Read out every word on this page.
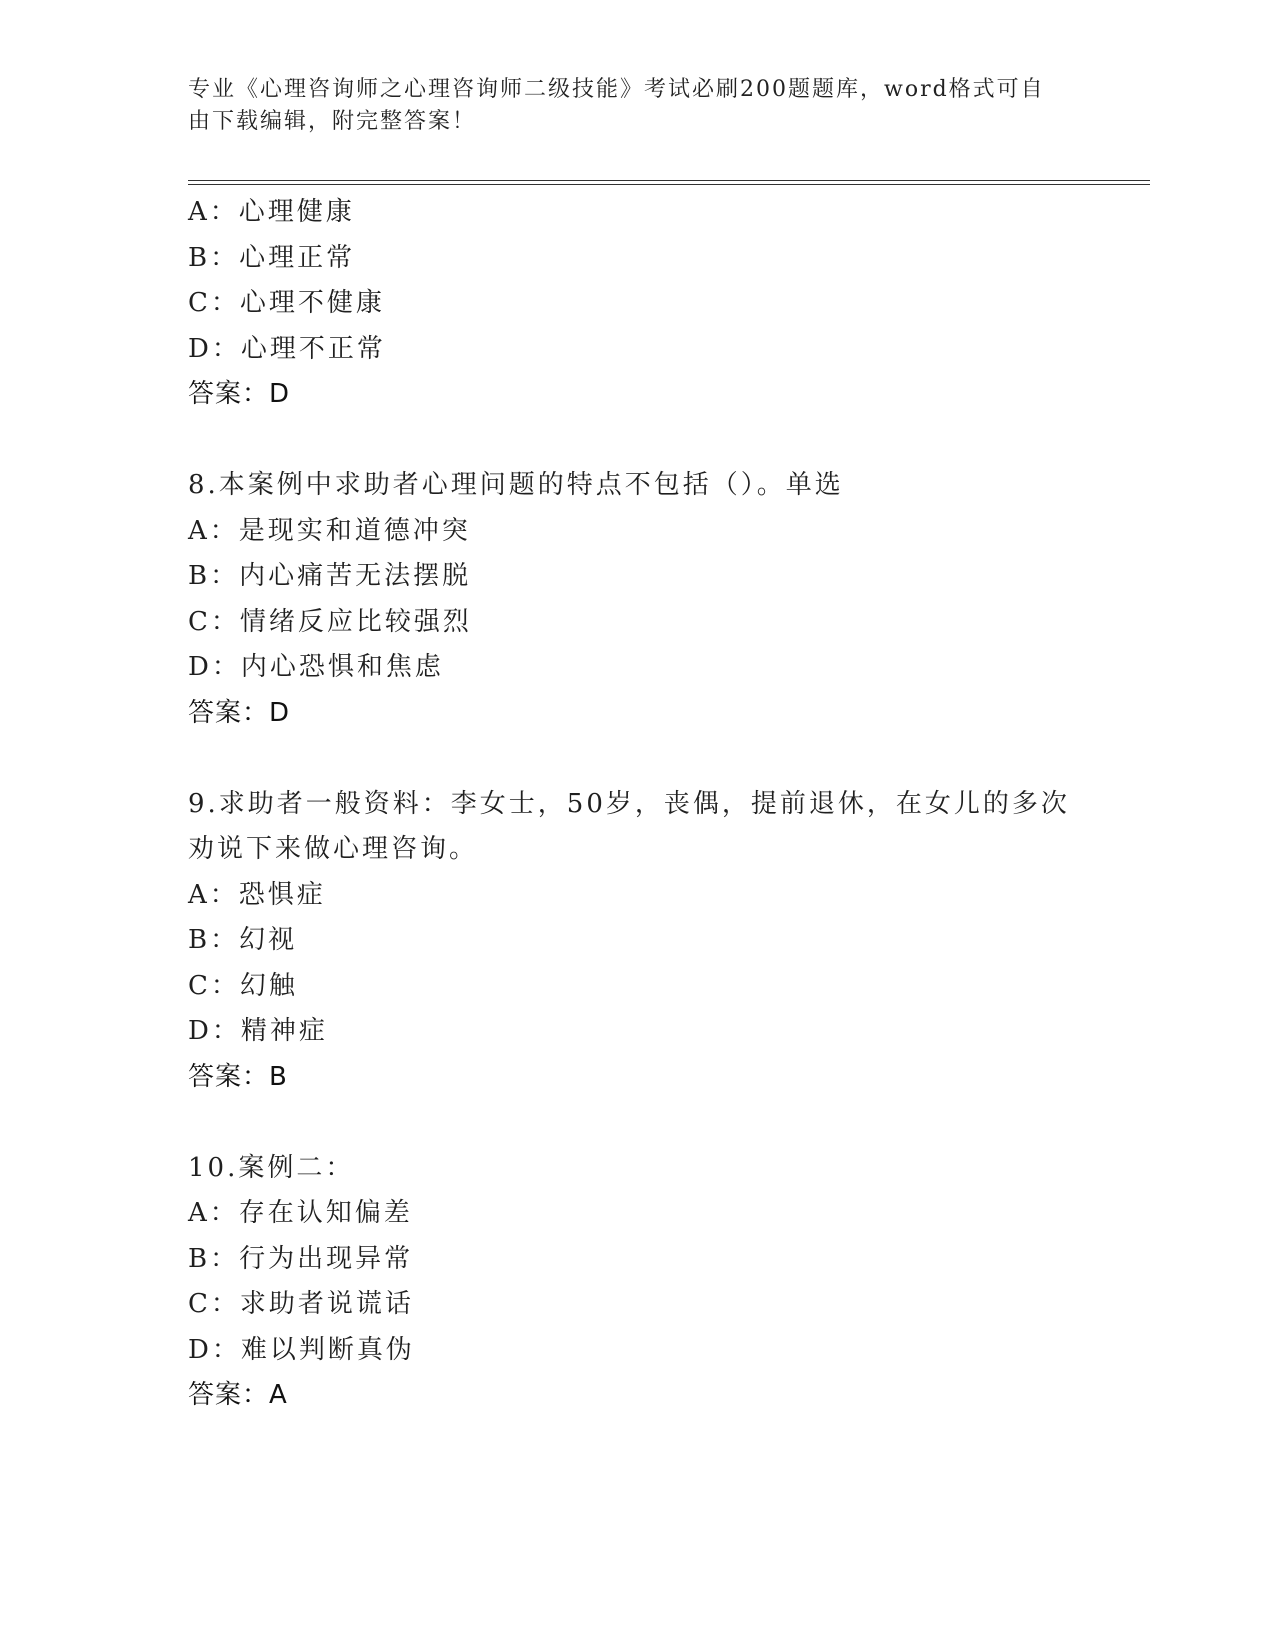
专业《心理咨询师之心理咨询师二级技能》考试必刷200题题库，word格式可自
由下载编辑，附完整答案！
A：心理健康
B：心理正常
C：心理不健康
D：心理不正常
答案：D
8.本案例中求助者心理问题的特点不包括（）。单选
A：是现实和道德冲突
B：内心痛苦无法摆脱
C：情绪反应比较强烈
D：内心恐惧和焦虑
答案：D
9.求助者一般资料：李女士，50岁，丧偶，提前退休，在女儿的多次
劝说下来做心理咨询。
A：恐惧症
B：幻视
C：幻触
D：精神症
答案：B
10.案例二：
A：存在认知偏差
B：行为出现异常
C：求助者说谎话
D：难以判断真伪
答案：A
